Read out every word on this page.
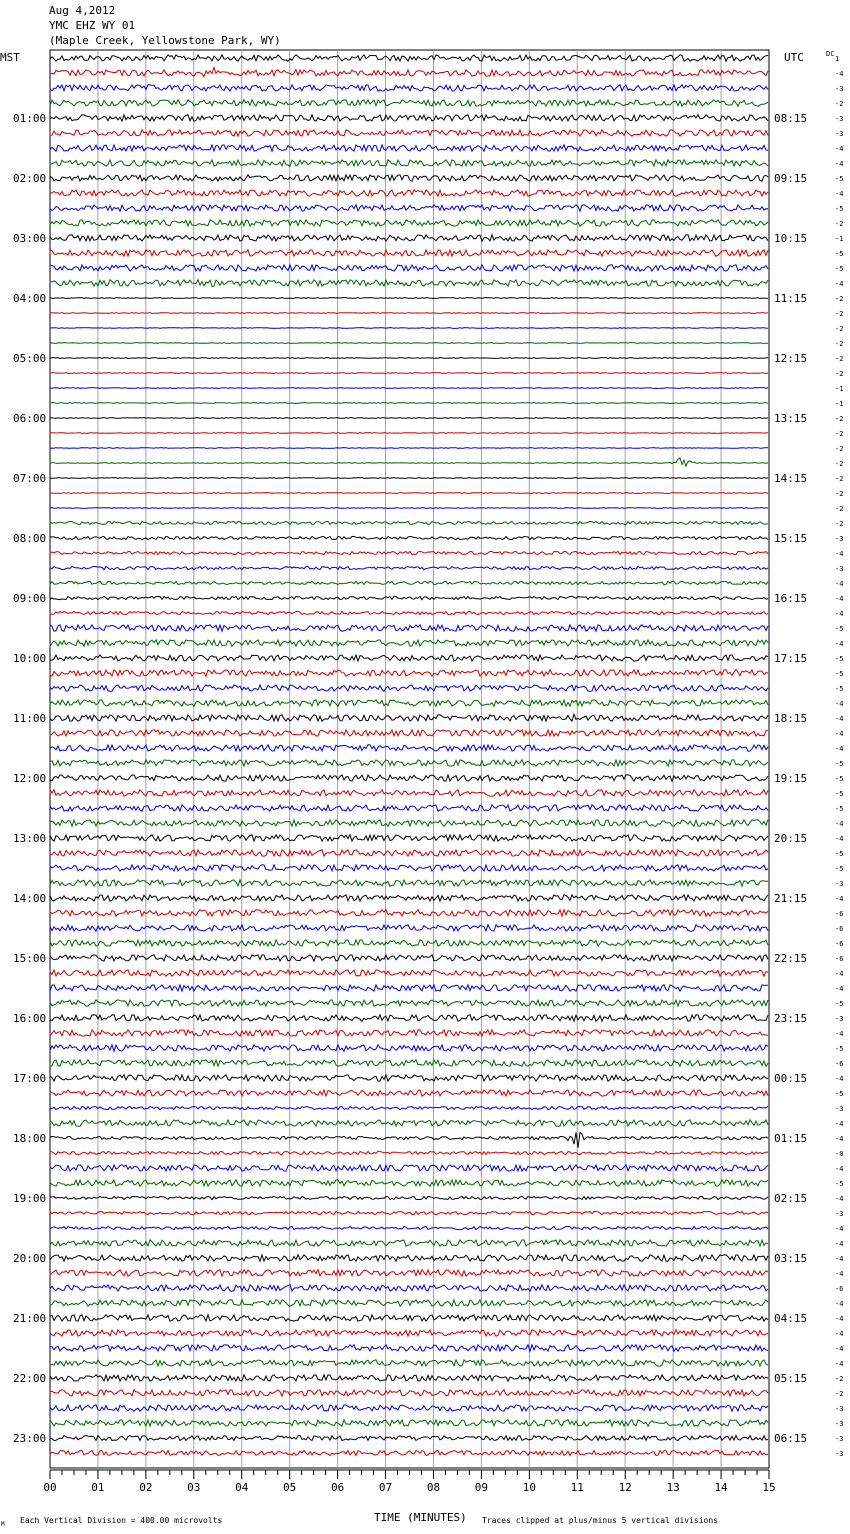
Aug 4,2012
YMC EHZ WY 01
(Maple Creek, Yellowstone Park, WY)
1
-4
-3
-2
-3
-3
-4
-4
-5
-4
-5
-2
-1
-5
-5
-4
-2
-2
-2
-2
-2
-2
-1
-1
-2
-2
-2
-2
-2
-2
-2
-2
-3
-4
-3
-4
-4
-4
-5
-4
-5
-5
-5
-4
-4
-4
-4
-5
-5
-5
-5
-4
-4
-5
-5
-3
-4
-6
-6
-6
-6
-4
-4
-5
-3
-4
-5
-6
-4
-5
-3
-4
-4
-0
-4
-5
-4
-3
-4
-4
-4
-4
-6
-4
-4
-4
-4
-4
-2
-2
-3
-3
-3
-3
01:00
02:00
03:00
04:00
05:00
06:00
07:00
08:00
09:00
10:00
11:00
12:00
13:00
14:00
15:00
16:00
17:00
18:00
19:00
20:00
21:00
22:00
23:00
08:15
09:15
10:15
11:15
12:15
13:15
14:15
15:15
16:15
17:15
18:15
19:15
20:15
21:15
22:15
23:15
00:15
01:15
02:15
03:15
04:15
05:15
06:15
00	01	02	03	04	05	06	07	08	09	10	11	12	13	14	15
MST	UTC	DC
TIME (MINUTES)
Each Vertical Division = 400.00 microvolts	Traces clipped at plus/minus 5 vertical divisions
M
